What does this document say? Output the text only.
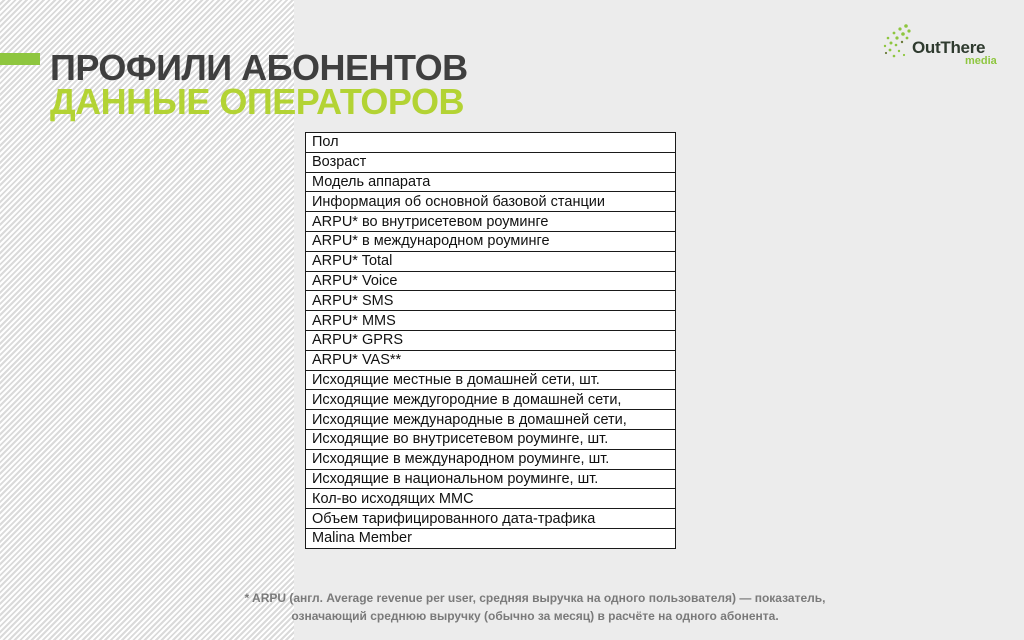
ПРОФИЛИ АБОНЕНТОВ
ДАННЫЕ ОПЕРАТОРОВ
OutThere
media
Пол
Возраст
Модель аппарата
Информация об основной базовой станции
ARPU* во внутрисетевом роуминге
ARPU* в международном роуминге
ARPU* Total
ARPU* Voice
ARPU* SMS
ARPU* MMS
ARPU* GPRS
ARPU* VAS**
Исходящие местные в домашней сети, шт.
Исходящие междугородние в домашней сети,
Исходящие международные в домашней сети,
Исходящие во внутрисетевом роуминге, шт.
Исходящие в международном роуминге, шт.
Исходящие в национальном роуминге, шт.
Кол-во исходящих ММС
Объем тарифицированного дата-трафика
Malina Member
* ARPU (англ. Average revenue per user, средняя выручка на одного пользователя) — показатель,
означающий среднюю выручку (обычно за месяц) в расчёте на одного абонента.
